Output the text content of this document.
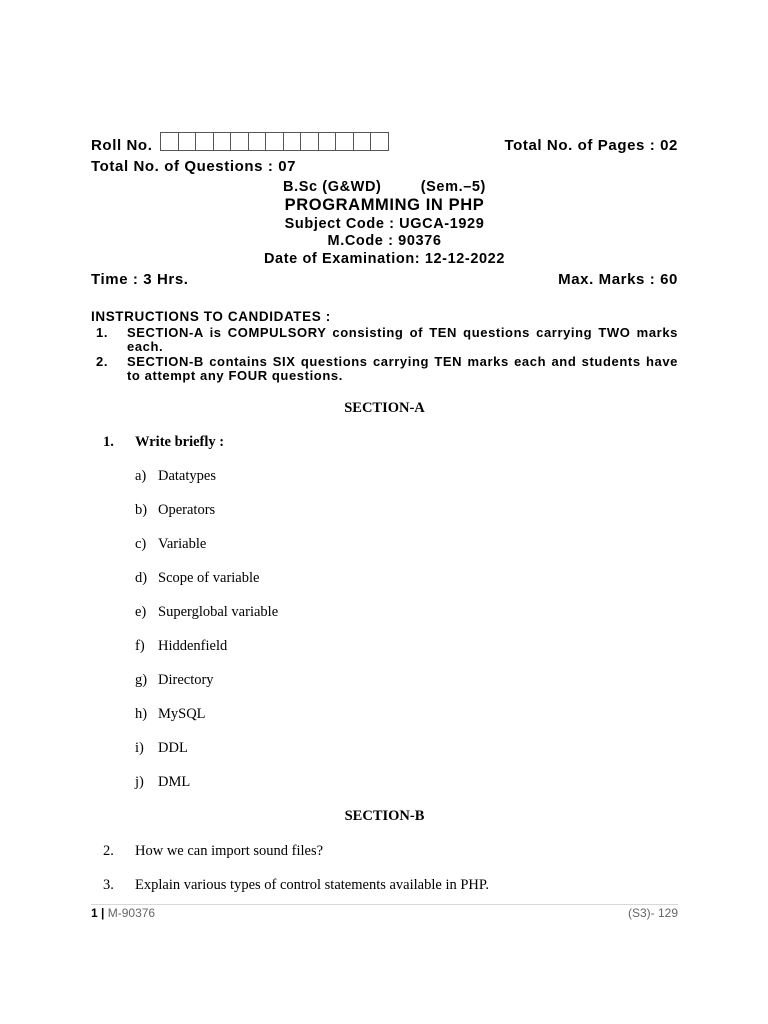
Roll No.	Total No. of Pages : 02
Total No. of Questions : 07
B.Sc (G&WD)	(Sem.–5)
PROGRAMMING IN PHP
Subject Code : UGCA-1929
M.Code : 90376
Date of Examination: 12-12-2022
Time : 3 Hrs.	Max. Marks : 60
INSTRUCTIONS TO CANDIDATES :
1. SECTION-A is COMPULSORY consisting of TEN questions carrying TWO marks each.
2. SECTION-B contains SIX questions carrying TEN marks each and students have to attempt any FOUR questions.
SECTION-A
1. Write briefly :
a) Datatypes
b) Operators
c) Variable
d) Scope of variable
e) Superglobal variable
f) Hiddenfield
g) Directory
h) MySQL
i) DDL
j) DML
SECTION-B
2. How we can import sound files?
3. Explain various types of control statements available in PHP.
1 | M-90376	(S3)- 129
